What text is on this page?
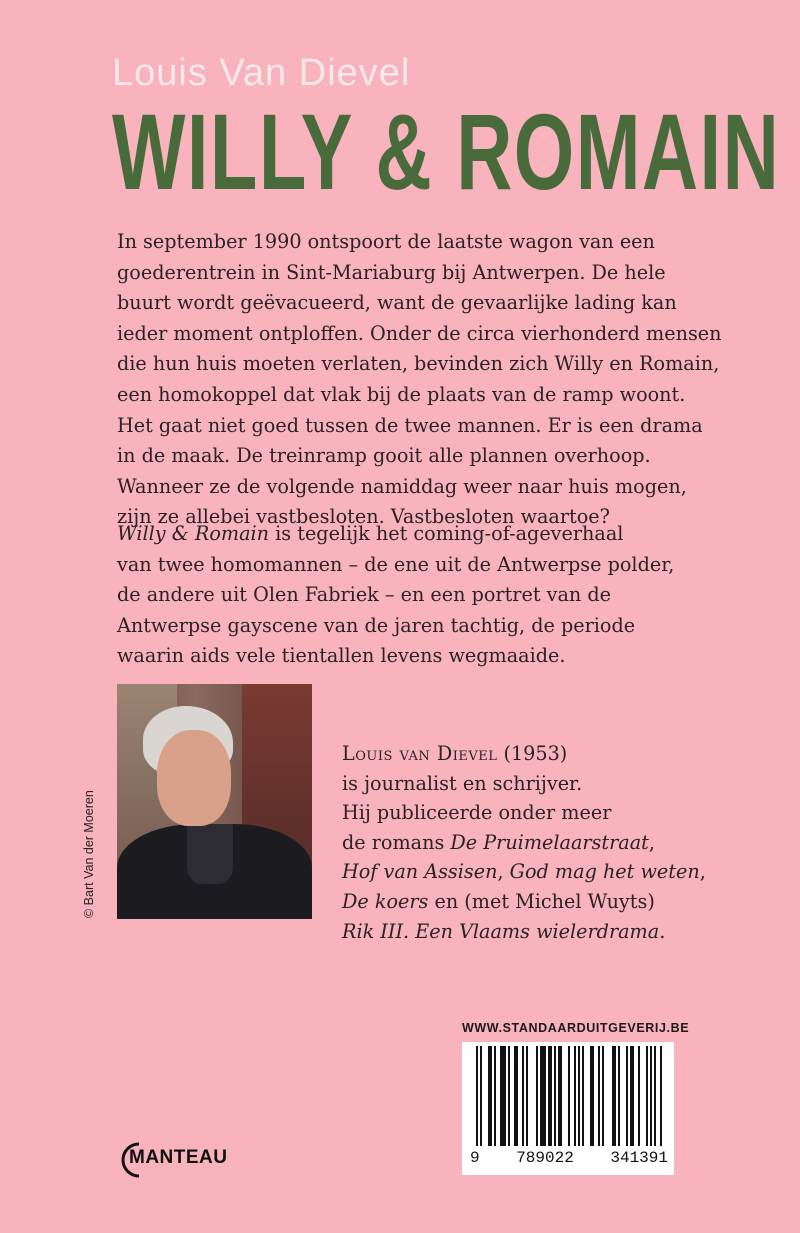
Louis Van Dievel
WILLY & ROMAIN

In september 1990 ontspoort de laatste wagon van een
goederentrein in Sint-Mariaburg bij Antwerpen. De hele
buurt wordt geëvacueerd, want de gevaarlijke lading kan
ieder moment ontploffen. Onder de circa vierhonderd mensen
die hun huis moeten verlaten, bevinden zich Willy en Romain,
een homokoppel dat vlak bij de plaats van de ramp woont.
Het gaat niet goed tussen de twee mannen. Er is een drama
in de maak. De treinramp gooit alle plannen overhoop.
Wanneer ze de volgende namiddag weer naar huis mogen,
zijn ze allebei vastbesloten. Vastbesloten waartoe?

Willy & Romain is tegelijk het coming-of-ageverhaal
van twee homomannen – de ene uit de Antwerpse polder,
de andere uit Olen Fabriek – en een portret van de
Antwerpse gayscene van de jaren tachtig, de periode
waarin aids vele tientallen levens wegmaaide.

© Bart Van der Moeren

Louis van Dievel (1953)
is journalist en schrijver.
Hij publiceerde onder meer
de romans De Pruimelaarstraat,
Hof van Assisen, God mag het weten,
De koers en (met Michel Wuyts)
Rik III. Een Vlaams wielerdrama.

WWW.STANDAARDUITGEVERIJ.BE
9 789022 341391
MANTEAU
